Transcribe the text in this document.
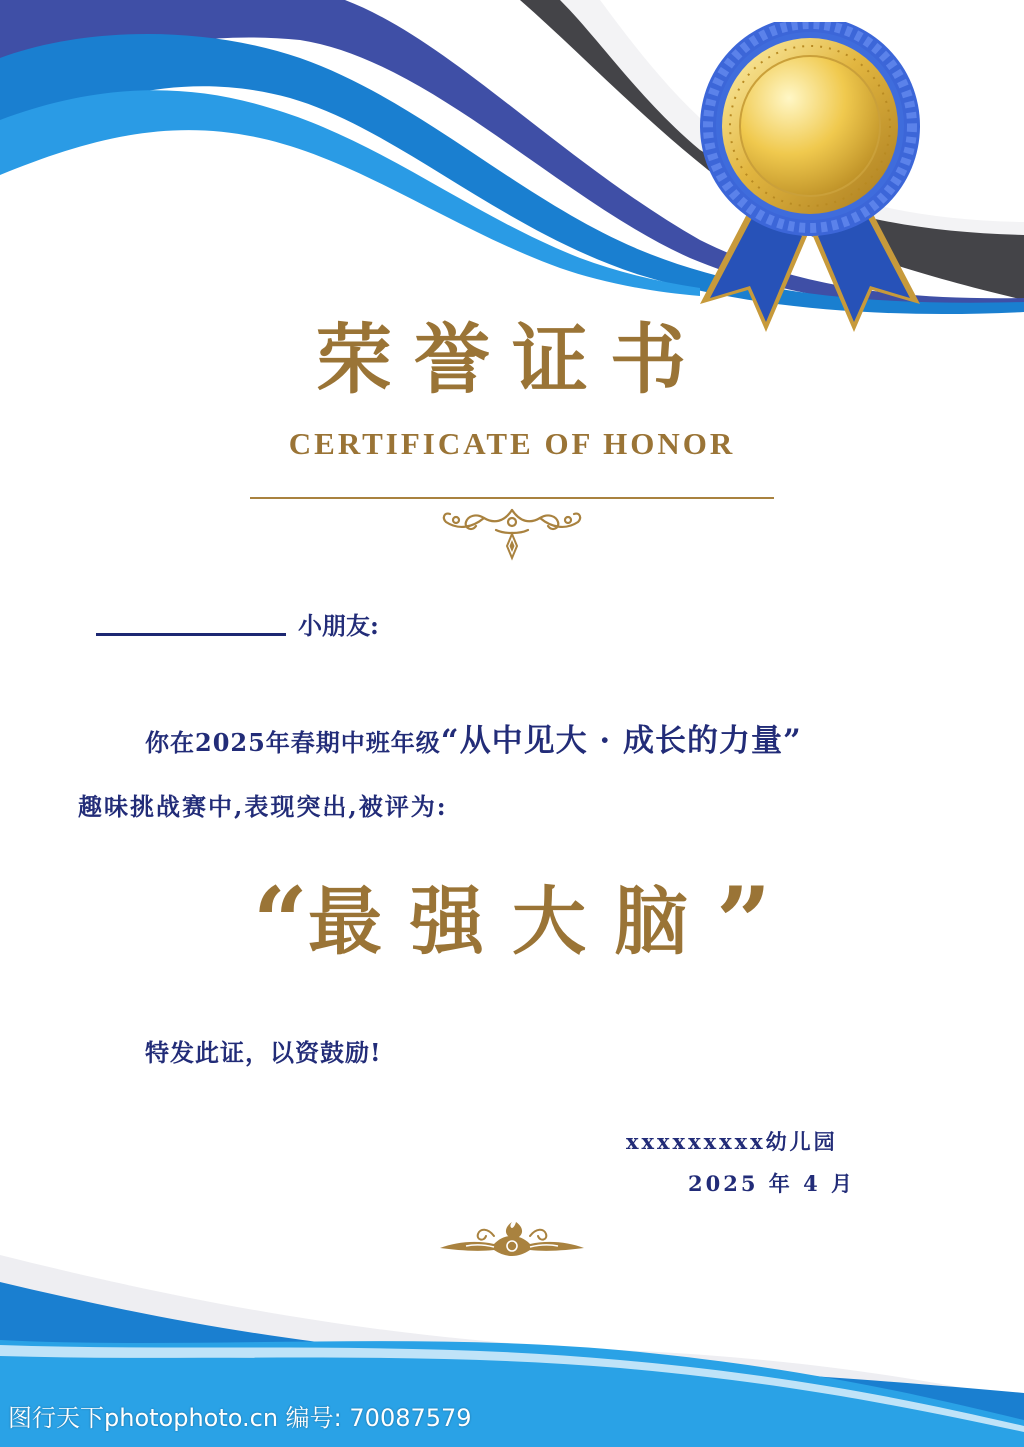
荣誉证书
CERTIFICATE OF HONOR
小朋友:
你在2025年春期中班年级“从中见大 · 成长的力量”
趣味挑战赛中,表现突出,被评为:
“最强大脑”
特发此证，以资鼓励!
xxxxxxxxx幼儿园
2025 年 4 月
图行天下photophoto.cn 编号: 70087579
